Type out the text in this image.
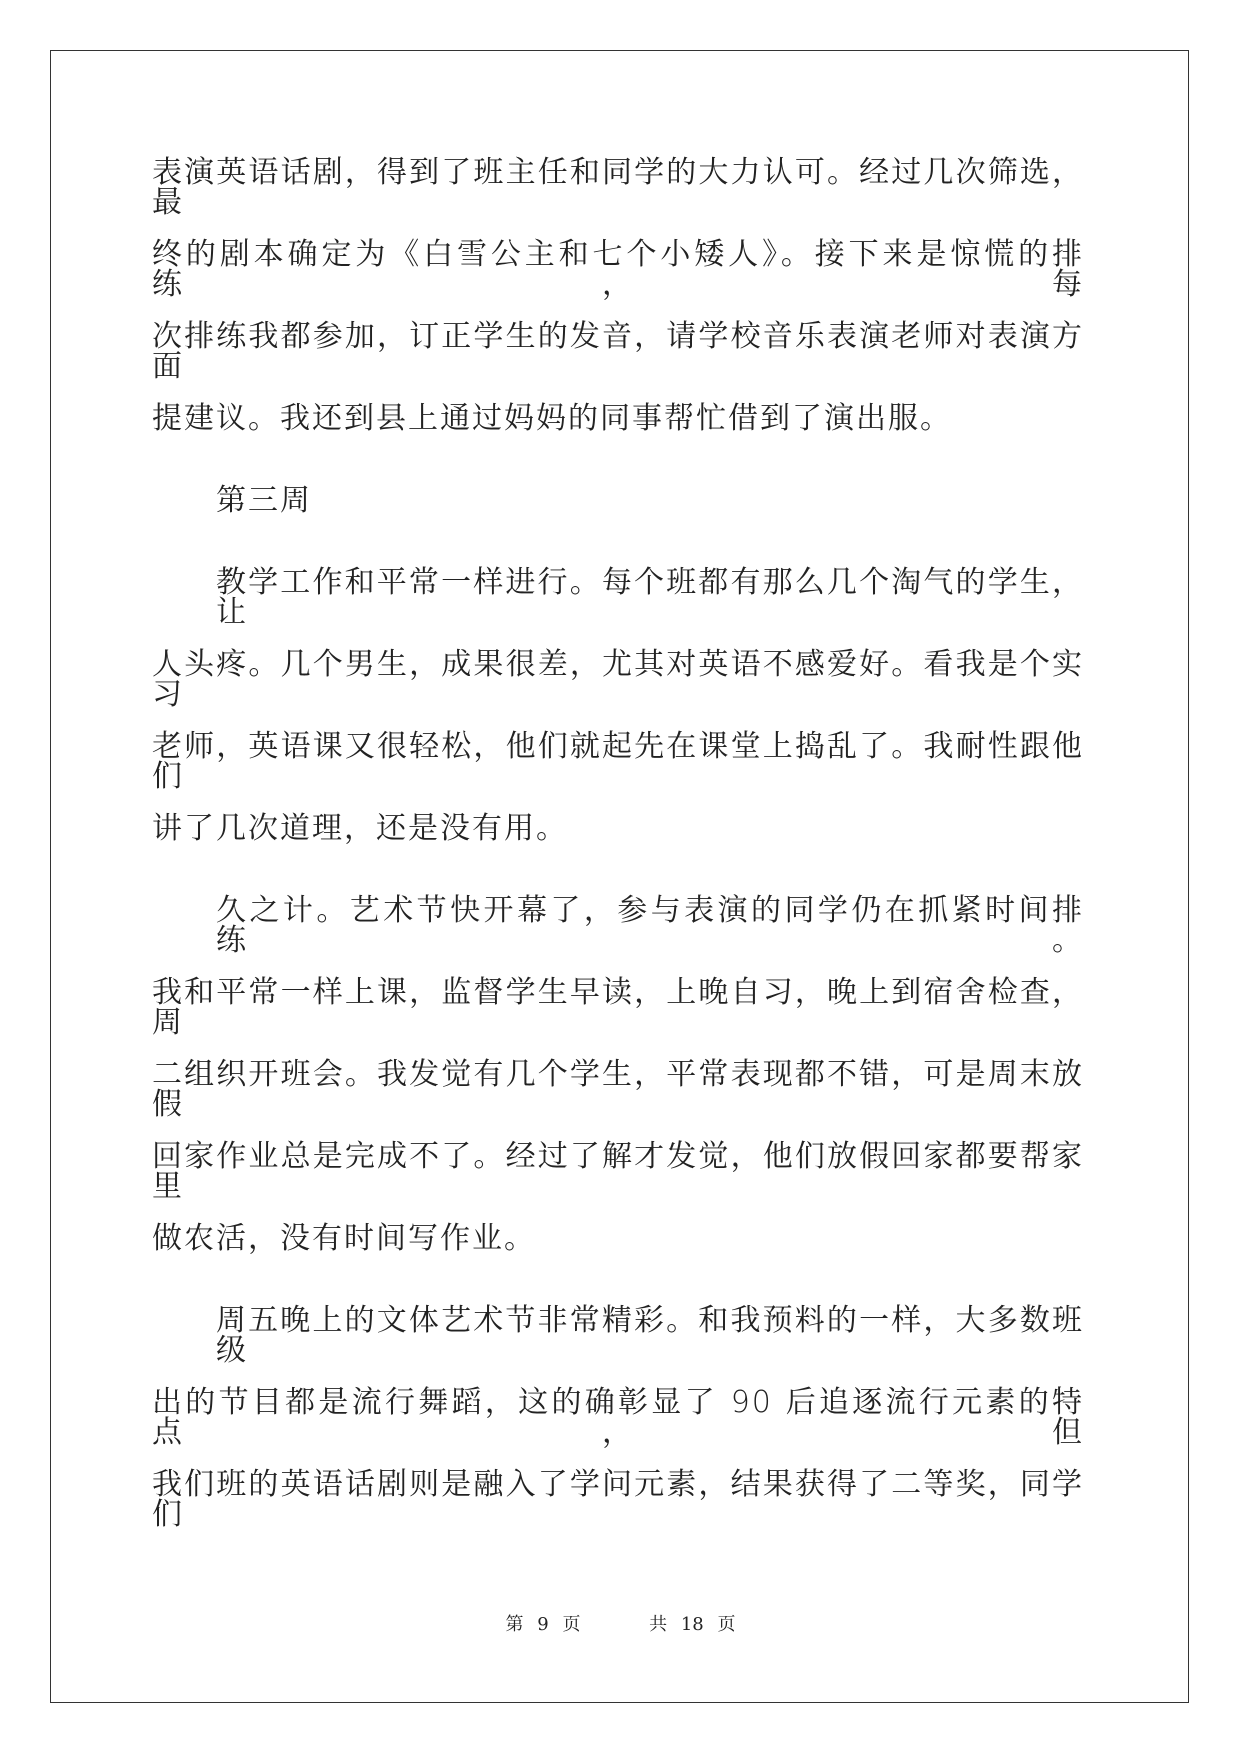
表演英语话剧，得到了班主任和同学的大力认可。经过几次筛选，最
终的剧本确定为《白雪公主和七个小矮人》。接下来是惊慌的排练，每
次排练我都参加，订正学生的发音，请学校音乐表演老师对表演方面
提建议。我还到县上通过妈妈的同事帮忙借到了演出服。
第三周
教学工作和平常一样进行。每个班都有那么几个淘气的学生，让
人头疼。几个男生，成果很差，尤其对英语不感爱好。看我是个实习
老师，英语课又很轻松，他们就起先在课堂上捣乱了。我耐性跟他们
讲了几次道理，还是没有用。
久之计。艺术节快开幕了，参与表演的同学仍在抓紧时间排练。
我和平常一样上课，监督学生早读，上晚自习，晚上到宿舍检查，周
二组织开班会。我发觉有几个学生，平常表现都不错，可是周末放假
回家作业总是完成不了。经过了解才发觉，他们放假回家都要帮家里
做农活，没有时间写作业。
周五晚上的文体艺术节非常精彩。和我预料的一样，大多数班级
出的节目都是流行舞蹈，这的确彰显了 90 后追逐流行元素的特点，但
我们班的英语话剧则是融入了学问元素，结果获得了二等奖，同学们
第 9 页	共 18 页
